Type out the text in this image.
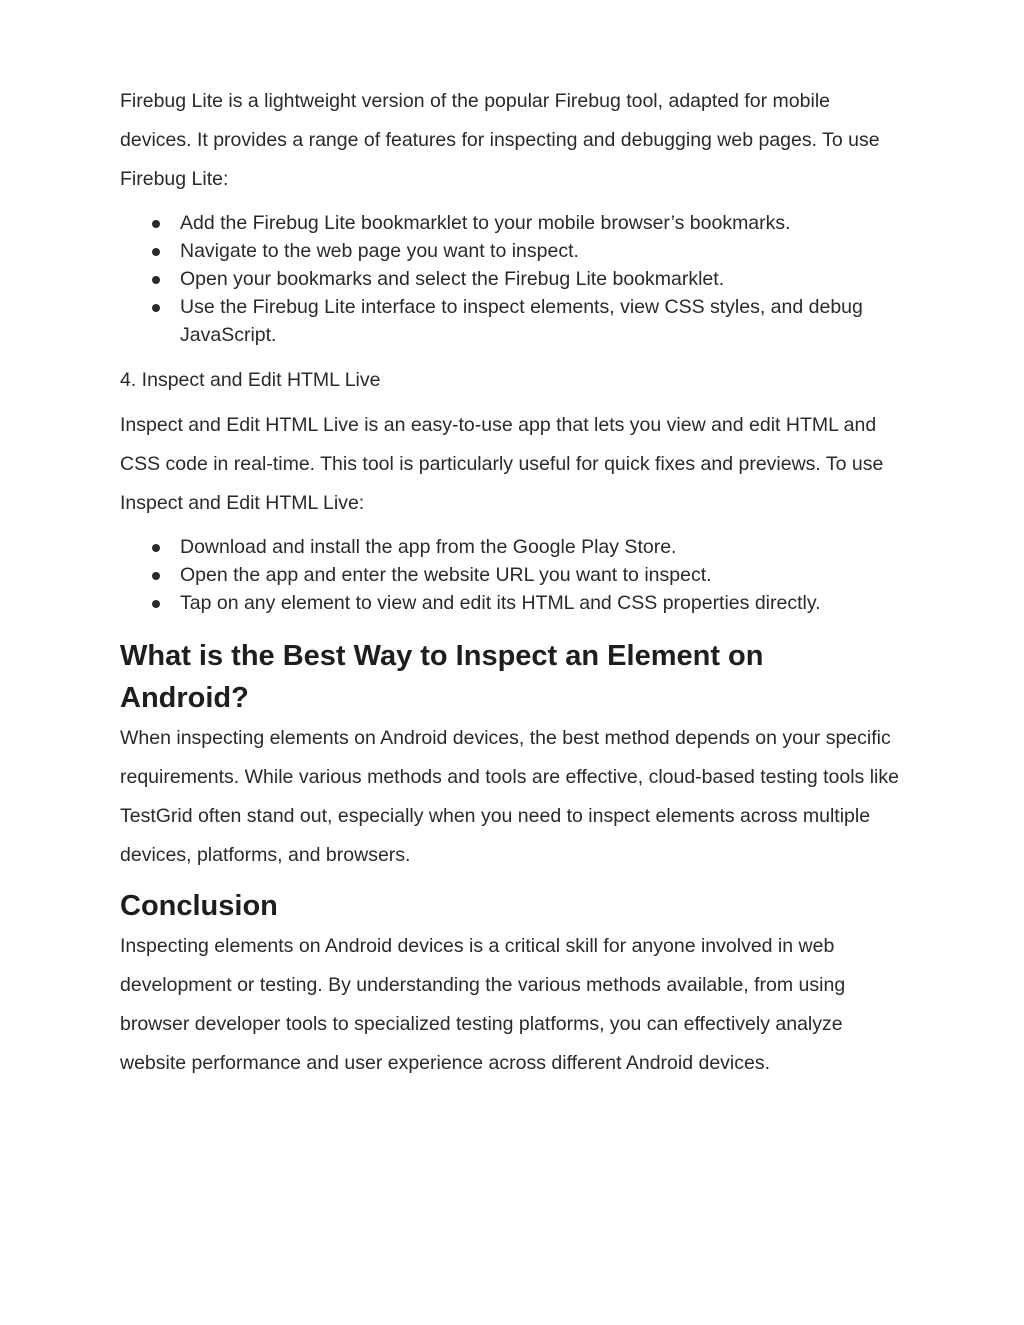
Firebug Lite is a lightweight version of the popular Firebug tool, adapted for mobile devices. It provides a range of features for inspecting and debugging web pages. To use Firebug Lite:

Add the Firebug Lite bookmarklet to your mobile browser’s bookmarks.
Navigate to the web page you want to inspect.
Open your bookmarks and select the Firebug Lite bookmarklet.
Use the Firebug Lite interface to inspect elements, view CSS styles, and debug JavaScript.

4. Inspect and Edit HTML Live

Inspect and Edit HTML Live is an easy-to-use app that lets you view and edit HTML and CSS code in real-time. This tool is particularly useful for quick fixes and previews. To use Inspect and Edit HTML Live:

Download and install the app from the Google Play Store.
Open the app and enter the website URL you want to inspect.
Tap on any element to view and edit its HTML and CSS properties directly.
What is the Best Way to Inspect an Element on Android?

When inspecting elements on Android devices, the best method depends on your specific requirements. While various methods and tools are effective, cloud-based testing tools like TestGrid often stand out, especially when you need to inspect elements across multiple devices, platforms, and browsers.

Conclusion

Inspecting elements on Android devices is a critical skill for anyone involved in web development or testing. By understanding the various methods available, from using browser developer tools to specialized testing platforms, you can effectively analyze website performance and user experience across different Android devices.
